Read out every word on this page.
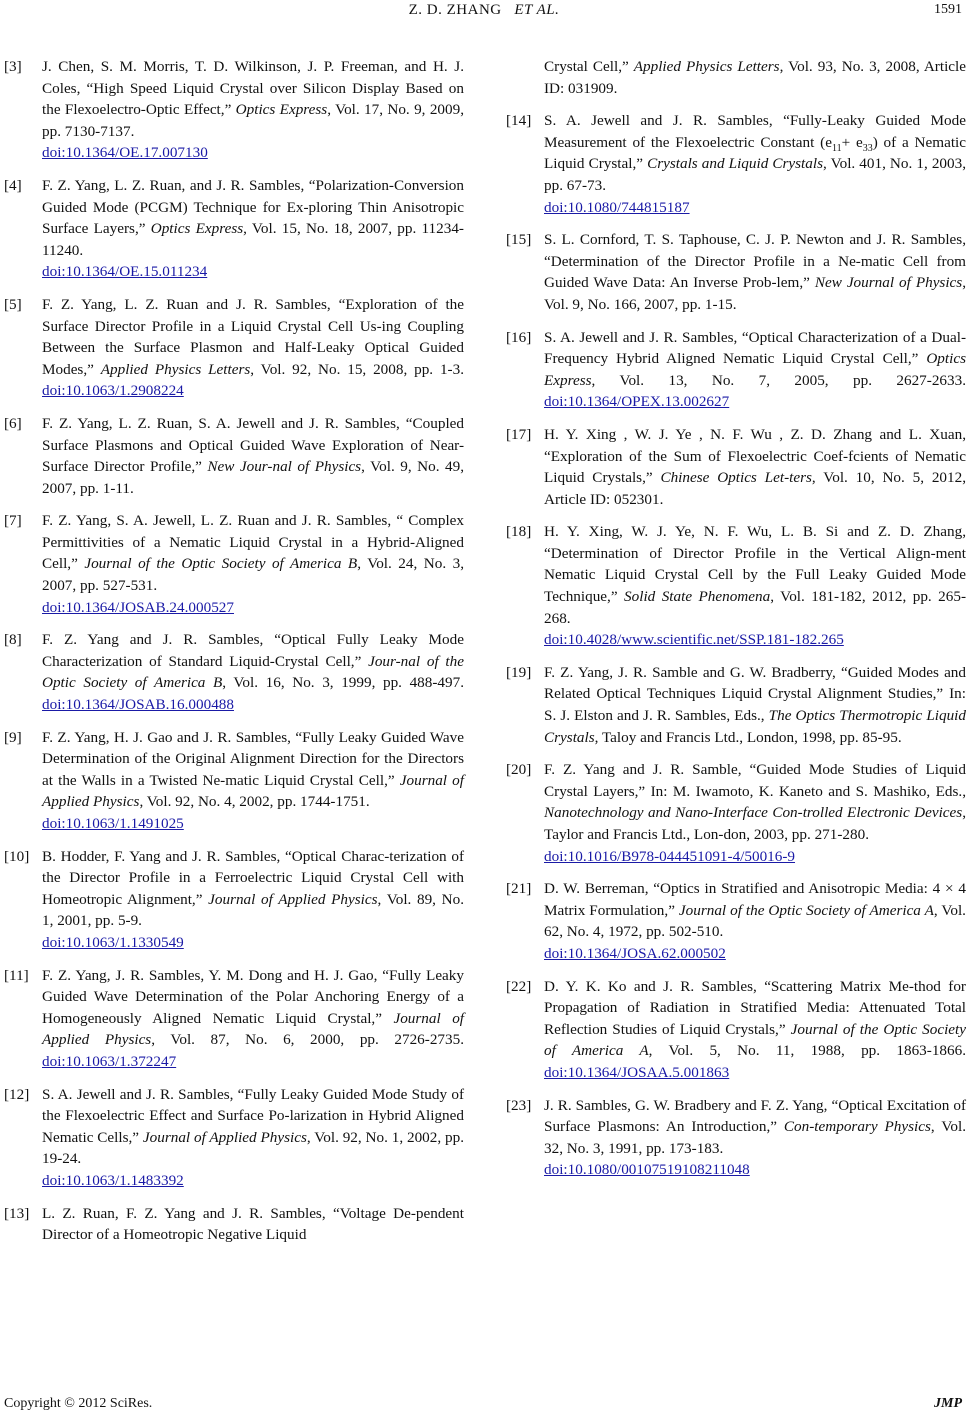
Z. D. ZHANG ET AL.	1591
[3] J. Chen, S. M. Morris, T. D. Wilkinson, J. P. Freeman, and H. J. Coles, “High Speed Liquid Crystal over Silicon Display Based on the Flexoelectro-Optic Effect,” Optics Express, Vol. 17, No. 9, 2009, pp. 7130-7137.
doi:10.1364/OE.17.007130
[4] F. Z. Yang, L. Z. Ruan, and J. R. Sambles, “Polarization-Conversion Guided Mode (PCGM) Technique for Ex-ploring Thin Anisotropic Surface Layers,” Optics Express, Vol. 15, No. 18, 2007, pp. 11234-11240.
doi:10.1364/OE.15.011234
[5] F. Z. Yang, L. Z. Ruan and J. R. Sambles, “Exploration of the Surface Director Profile in a Liquid Crystal Cell Us-ing Coupling Between the Surface Plasmon and Half-Leaky Optical Guided Modes,” Applied Physics Letters, Vol. 92, No. 15, 2008, pp. 1-3. doi:10.1063/1.2908224
[6] F. Z. Yang, L. Z. Ruan, S. A. Jewell and J. R. Sambles, “Coupled Surface Plasmons and Optical Guided Wave Exploration of Near-Surface Director Profile,” New Jour-nal of Physics, Vol. 9, No. 49, 2007, pp. 1-11.
[7] F. Z. Yang, S. A. Jewell, L. Z. Ruan and J. R. Sambles, “ Complex Permittivities of a Nematic Liquid Crystal in a Hybrid-Aligned Cell,” Journal of the Optic Society of America B, Vol. 24, No. 3, 2007, pp. 527-531.
doi:10.1364/JOSAB.24.000527
[8] F. Z. Yang and J. R. Sambles, “Optical Fully Leaky Mode Characterization of Standard Liquid-Crystal Cell,” Jour-nal of the Optic Society of America B, Vol. 16, No. 3, 1999, pp. 488-497. doi:10.1364/JOSAB.16.000488
[9] F. Z. Yang, H. J. Gao and J. R. Sambles, “Fully Leaky Guided Wave Determination of the Original Alignment Direction for the Directors at the Walls in a Twisted Ne-matic Liquid Crystal Cell,” Journal of Applied Physics, Vol. 92, No. 4, 2002, pp. 1744-1751.
doi:10.1063/1.1491025
[10] B. Hodder, F. Yang and J. R. Sambles, “Optical Charac-terization of the Director Profile in a Ferroelectric Liquid Crystal Cell with Homeotropic Alignment,” Journal of Applied Physics, Vol. 89, No. 1, 2001, pp. 5-9.
doi:10.1063/1.1330549
[11] F. Z. Yang, J. R. Sambles, Y. M. Dong and H. J. Gao, “Fully Leaky Guided Wave Determination of the Polar Anchoring Energy of a Homogeneously Aligned Nematic Liquid Crystal,” Journal of Applied Physics, Vol. 87, No. 6, 2000, pp. 2726-2735. doi:10.1063/1.372247
[12] S. A. Jewell and J. R. Sambles, “Fully Leaky Guided Mode Study of the Flexoelectric Effect and Surface Po-larization in Hybrid Aligned Nematic Cells,” Journal of Applied Physics, Vol. 92, No. 1, 2002, pp. 19-24.
doi:10.1063/1.1483392
[13] L. Z. Ruan, F. Z. Yang and J. R. Sambles, “Voltage De-pendent Director of a Homeotropic Negative Liquid
Crystal Cell,” Applied Physics Letters, Vol. 93, No. 3, 2008, Article ID: 031909.
[14] S. A. Jewell and J. R. Sambles, “Fully-Leaky Guided Mode Measurement of the Flexoelectric Constant $(e_{11}+ e_{33})$ of a Nematic Liquid Crystal,” Crystals and Liquid Crystals, Vol. 401, No. 1, 2003, pp. 67-73.
doi:10.1080/744815187
[15] S. L. Cornford, T. S. Taphouse, C. J. P. Newton and J. R. Sambles, “Determination of the Director Profile in a Ne-matic Cell from Guided Wave Data: An Inverse Prob-lem,” New Journal of Physics, Vol. 9, No. 166, 2007, pp. 1-15.
[16] S. A. Jewell and J. R. Sambles, “Optical Characterization of a Dual-Frequency Hybrid Aligned Nematic Liquid Crystal Cell,” Optics Express, Vol. 13, No. 7, 2005, pp. 2627-2633. doi:10.1364/OPEX.13.002627
[17] H. Y. Xing , W. J. Ye , N. F. Wu , Z. D. Zhang and L. Xuan, “Exploration of the Sum of Flexoelectric Coef-fcients of Nematic Liquid Crystals,” Chinese Optics Let-ters, Vol. 10, No. 5, 2012, Article ID: 052301.
[18] H. Y. Xing, W. J. Ye, N. F. Wu, L. B. Si and Z. D. Zhang, “Determination of Director Profile in the Vertical Align-ment Nematic Liquid Crystal Cell by the Full Leaky Guided Mode Technique,” Solid State Phenomena, Vol. 181-182, 2012, pp. 265-268.
doi:10.4028/www.scientific.net/SSP.181-182.265
[19] F. Z. Yang, J. R. Samble and G. W. Bradberry, “Guided Modes and Related Optical Techniques Liquid Crystal Alignment Studies,” In: S. J. Elston and J. R. Sambles, Eds., The Optics Thermotropic Liquid Crystals, Taloy and Francis Ltd., London, 1998, pp. 85-95.
[20] F. Z. Yang and J. R. Samble, “Guided Mode Studies of Liquid Crystal Layers,” In: M. Iwamoto, K. Kaneto and S. Mashiko, Eds., Nanotechnology and Nano-Interface Con-trolled Electronic Devices, Taylor and Francis Ltd., Lon-don, 2003, pp. 271-280.
doi:10.1016/B978-044451091-4/50016-9
[21] D. W. Berreman, “Optics in Stratified and Anisotropic Media: 4 × 4 Matrix Formulation,” Journal of the Optic Society of America A, Vol. 62, No. 4, 1972, pp. 502-510.
doi:10.1364/JOSA.62.000502
[22] D. Y. K. Ko and J. R. Sambles, “Scattering Matrix Me-thod for Propagation of Radiation in Stratified Media: Attenuated Total Reflection Studies of Liquid Crystals,” Journal of the Optic Society of America A, Vol. 5, No. 11, 1988, pp. 1863-1866. doi:10.1364/JOSAA.5.001863
[23] J. R. Sambles, G. W. Bradbery and F. Z. Yang, “Optical Excitation of Surface Plasmons: An Introduction,” Con-temporary Physics, Vol. 32, No. 3, 1991, pp. 173-183.
doi:10.1080/00107519108211048
Copyright © 2012 SciRes.	JMP
